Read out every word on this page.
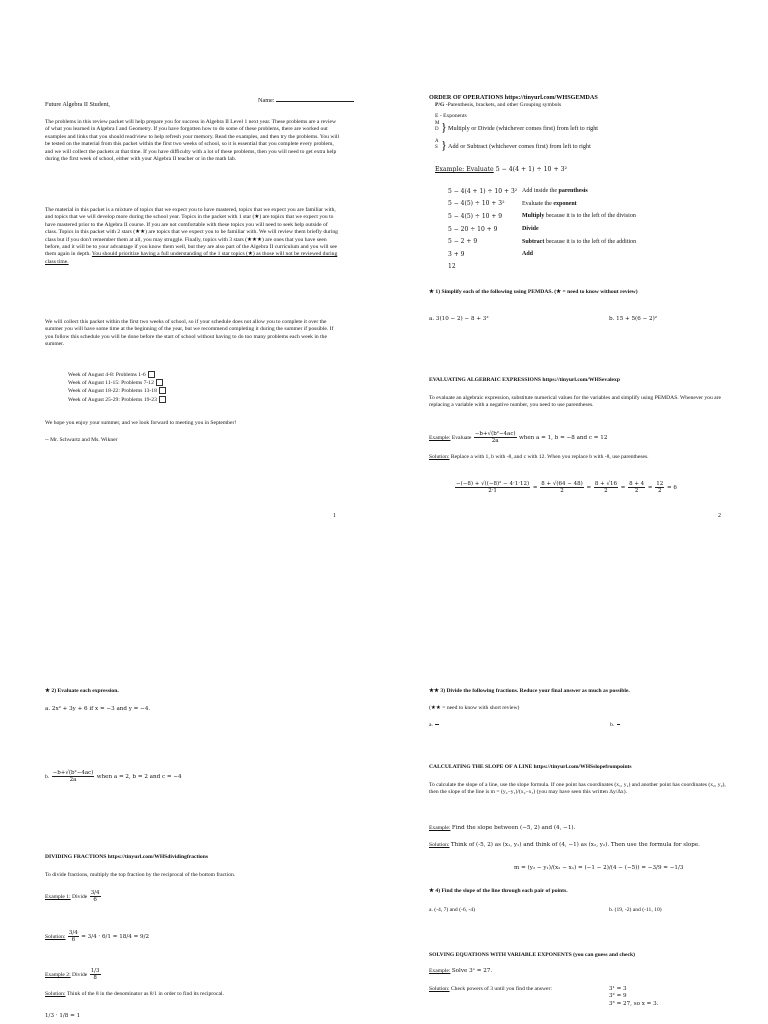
Name:
Future Algebra II Student,
The problems in this review packet will help prepare you for success in Algebra II Level 1 next year. These problems are a review of what you learned in Algebra I and Geometry. If you have forgotten how to do some of these problems, there are worked out examples and links that you should read/view to help refresh your memory. Read the examples, and then try the problems. You will be tested on the material from this packet within the first two weeks of school, so it is essential that you complete every problem, and we will collect the packets at that time. If you have difficulty with a lot of these problems, then you will need to get extra help during the first week of school, either with your Algebra II teacher or in the math lab.
The material in this packet is a mixture of topics that we expect you to have mastered, topics that we expect you are familiar with, and topics that we will develop more during the school year. Topics in the packet with 1 star (★) are topics that we expect you to have mastered prior to the Algebra II course. If you are not comfortable with these topics you will need to seek help outside of class. Topics in this packet with 2 stars (★★) are topics that we expect you to be familiar with. We will review them briefly during class but if you don't remember them at all, you may struggle. Finally, topics with 3 stars (★★★) are ones that you have seen before, and it will be to your advantage if you know them well, but they are also part of the Algebra II curriculum and you will see them again in depth. You should prioritize having a full understanding of the 1 star topics (★) as those will not be reviewed during class time.
We will collect this packet within the first two weeks of school, so if your schedule does not allow you to complete it over the summer you will have some time at the beginning of the year, but we recommend completing it during the summer if possible. If you follow this schedule you will be done before the start of school without having to do too many problems each week in the summer.
Week of August 4-8: Problems 1-6
Week of August 11-15: Problems 7-12
Week of August 18-22: Problems 13-18
Week of August 25-29: Problems 19-23
We hope you enjoy your summer, and we look forward to meeting you in September!
-- Mr. Schwartz and Ms. Wikner
1
ORDER OF OPERATIONS https://tinyurl.com/WHSGEMDAS
P/G -Parenthesis, brackets, and other Grouping symbols
E - Exponents
M
D } Multiply or Divide (whichever comes first) from left to right
A
S } Add or Subtract (whichever comes first) from left to right
Example: Evaluate 5 − 4(4 + 1) ÷ 10 + 3²
5 − 4(4 + 1) ÷ 10 + 3² Add inside the parenthesis
5 − 4(5) ÷ 10 + 3²	Evaluate the exponent
5 − 4(5) ÷ 10 + 9	Multiply because it is to the left of the division
5 − 20 ÷ 10 + 9	Divide
5 − 2 + 9	Subtract because it is to the left of the addition
3 + 9	Add
12
★ 1) Simplify each of the following using PEMDAS. (★ = need to know without review)
a. 3(10 − 2) − 8 + 3²	b. 15 + 5(6 − 2)²
EVALUATING ALGEBRAIC EXPRESSIONS https://tinyurl.com/WHSevalexp
To evaluate an algebraic expression, substitute numerical values for the variables and simplify using PEMDAS. Whenever you are replacing a variable with a negative number, you need to use parentheses.
Example: Evaluate $\frac{\text{−b+√(b²−4ac)}}{2a}$ when a = 1, b = −8 and c = 12
Solution: Replace a with 1, b with -8, and c with 12. When you replace b with -8, use parentheses.
$\frac{\text{−(−8) + √((−8)² − 4·1·12)}}{2\cdot 1} = \frac{8 + √(64 - 48)}{2} = \frac{8 + √16}{2} = \frac{8 + 4}{2} = \frac{12}{2} = 6$
2
★ 2) Evaluate each expression.
a. 2x² + 3y + 6 if x = −3 and y = −4.
b. $\frac{\text{−b+√(b²−4ac)}}{2a}$ when a = 2, b = 2 and c = −4
DIVIDING FRACTIONS https://tinyurl.com/WHSdividingfractions
To divide fractions, multiply the top fraction by the reciprocal of the bottom fraction.
Example 1: Divide $\frac{3/4}{6}$
Solution: $\frac{3/4}{6} = 3/4 \cdot 6/1 = 18/4 = 9/2$
Example 2: Divide $\frac{1/3}{8}$
Solution: Think of the 8 in the denominator as 8/1 in order to find its reciprocal.
1/3 · 1/8 = 1
★★ 3) Divide the following fractions. Reduce your final answer as much as possible.
(★★ = need to know with short review)
a.

	b.

CALCULATING THE SLOPE OF A LINE https://tinyurl.com/WHSslopefrompoints
To calculate the slope of a line, use the slope formula. If one point has coordinates (x₁, y₁) and another point has coordinates (x₂, y₂), then the slope of the line is m = (y₂−y₁)/(x₂−x₁) (you may have seen this written Δy/Δx).
Example: Find the slope between (−5, 2) and (4, −1).
Solution: Think of (-5, 2) as (x₁, y₁) and think of (4, −1) as (x₂, y₂). Then use the formula for slope.
m = (y₂ − y₁)/(x₂ − x₁) = (−1 − 2)/(4 − (−5)) = −3/9 = −1/3
★ 4) Find the slope of the line through each pair of points.
a. (-4, 7) and (-6, -4)	b. (19, -2) and (-11, 10)
SOLVING EQUATIONS WITH VARIABLE EXPONENTS (you can guess and check)
Example: Solve 3ˣ = 27.
Solution: Check powers of 3 until you find the answer:	3¹ = 3
3² = 9
3³ = 27, so x = 3.
